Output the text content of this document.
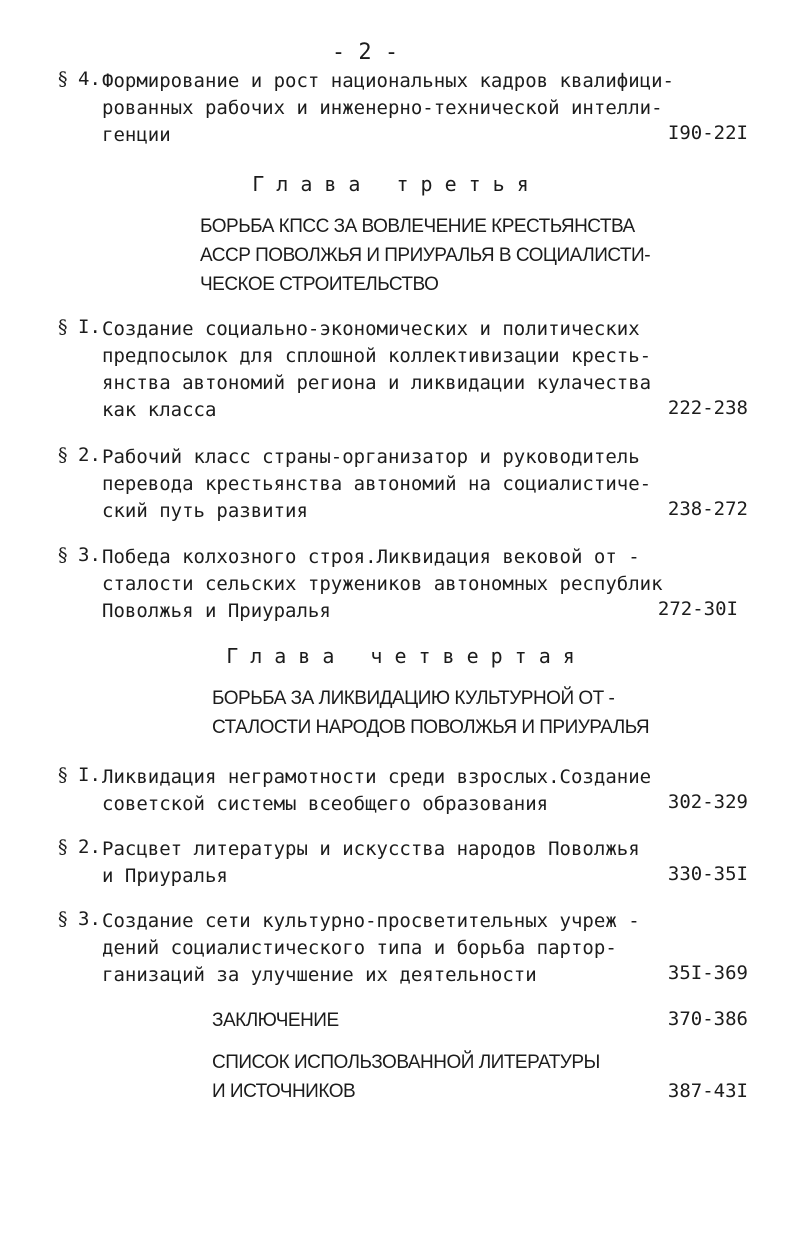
- 2 -
§ 4. Формирование и рост национальных кадров квалифици-
рованных рабочих и инженерно-технической интелли-
генции	I90-22I
Глава третья
БОРЬБА КПСС ЗА ВОВЛЕЧЕНИЕ КРЕСТЬЯНСТВА
АССР ПОВОЛЖЬЯ И ПРИУРАЛЬЯ В СОЦИАЛИСТИ-
ЧЕСКОЕ СТРОИТЕЛЬСТВО
§ I. Создание социально-экономических и политических
предпосылок для сплошной коллективизации кресть-
янства автономий региона и ликвидации кулачества
как класса	222-238
§ 2. Рабочий класс страны-организатор и руководитель
перевода крестьянства автономий на социалистиче-
ский путь развития	238-272
§ 3. Победа колхозного строя.Ликвидация вековой от -
сталости сельских тружеников автономных республик
Поволжья и Приуралья	272-30I
Глава четвертая
БОРЬБА ЗА ЛИКВИДАЦИЮ КУЛЬТУРНОЙ ОТ -
СТАЛОСТИ НАРОДОВ ПОВОЛЖЬЯ И ПРИУРАЛЬЯ
§ I. Ликвидация неграмотности среди взрослых.Создание
советской системы всеобщего образования	302-329
§ 2. Расцвет литературы и искусства народов Поволжья
и Приуралья	330-35I
§ 3. Создание сети культурно-просветительных учреж -
дений социалистического типа и борьба партор-
ганизаций за улучшение их деятельности	35I-369
ЗАКЛЮЧЕНИЕ	370-386
СПИСОК ИСПОЛЬЗОВАННОЙ ЛИТЕРАТУРЫ
И ИСТОЧНИКОВ	387-43I
